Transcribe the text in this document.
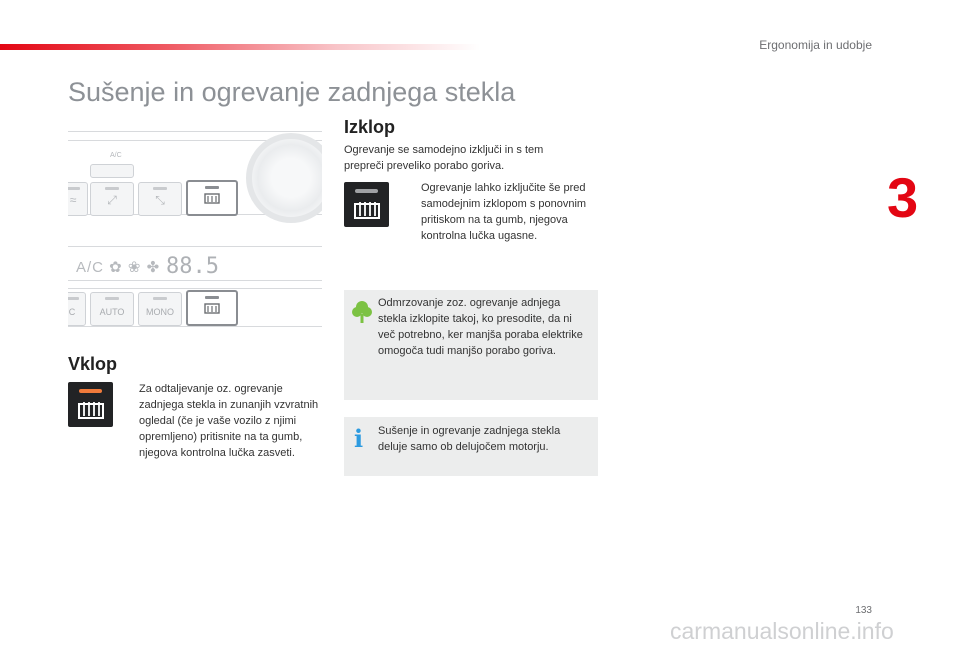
Ergonomija in udobje
3
Sušenje in ogrevanje zadnjega stekla
A/C
≈	⤢	⤡
A/C ✿ ❀ ✤ 88.5
C	AUTO	MONO
Vklop

Za odtaljevanje oz. ogrevanje zadnjega stekla in zunanjih vzvratnih ogledal (če je vaše vozilo z njimi opremljeno) pritisnite na ta gumb, njegova kontrolna lučka zasveti.

Izklop

Ogrevanje se samodejno izključi in s tem prepreči preveliko porabo goriva.

Ogrevanje lahko izključite še pred samodejnim izklopom s ponovnim pritiskom na ta gumb, njegova kontrolna lučka ugasne.

Odmrzovanje zoz. ogrevanje adnjega stekla izklopite takoj, ko presodite, da ni več potrebno, ker manjša poraba elektrike omogoča tudi manjšo porabo goriva.

i Sušenje in ogrevanje zadnjega stekla deluje samo ob delujočem motorju.

133
carmanualsonline.info
